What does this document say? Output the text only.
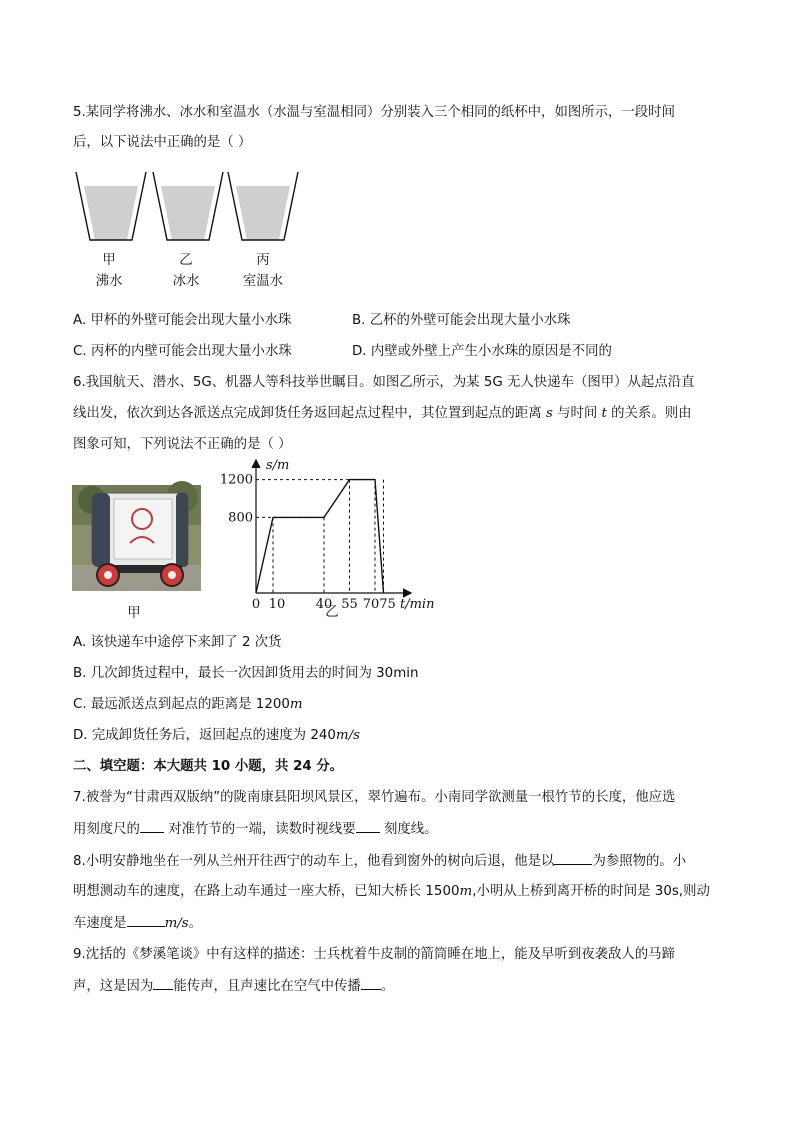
5.某同学将沸水、冰水和室温水（水温与室温相同）分别装入三个相同的纸杯中，如图所示，一段时间
后，以下说法中正确的是（ ）
甲
沸水
乙
冰水
丙
室温水
A. 甲杯的外壁可能会出现大量小水珠	B. 乙杯的外壁可能会出现大量小水珠
C. 丙杯的内壁可能会出现大量小水珠	D. 内壁或外壁上产生小水珠的原因是不同的
6.我国航天、潜水、5G、机器人等科技举世瞩目。如图乙所示，为某 5G 无人快递车（图甲）从起点沿直
线出发，依次到达各派送点完成卸货任务返回起点过程中，其位置到起点的距离 s 与时间 t 的关系。则由
图象可知，下列说法不正确的是（ ）
甲
800
1200
0 10 40 55 7075
s/m
t/min
乙
A. 该快递车中途停下来卸了 2 次货
B. 几次卸货过程中，最长一次因卸货用去的时间为 30min
C. 最远派送点到起点的距离是 1200m
D. 完成卸货任务后，返回起点的速度为 240m/s
二、填空题：本大题共 10 小题，共 24 分。
7.被誉为“甘肃西双版纳”的陇南康县阳坝风景区，翠竹遍布。小南同学欲测量一根竹节的长度，他应选
用刻度尺的 对准竹节的一端，读数时视线要 刻度线。
8.小明安静地坐在一列从兰州开往西宁的动车上，他看到窗外的树向后退，他是以	为参照物的。小
明想测动车的速度，在路上动车通过一座大桥，已知大桥长 1500m,小明从上桥到离开桥的时间是 30s,则动
车速度是	m/s。
9.沈括的《梦溪笔谈》中有这样的描述：士兵枕着牛皮制的箭筒睡在地上，能及早听到夜袭敌人的马蹄
声，这是因为 能传声，且声速比在空气中传播 。
